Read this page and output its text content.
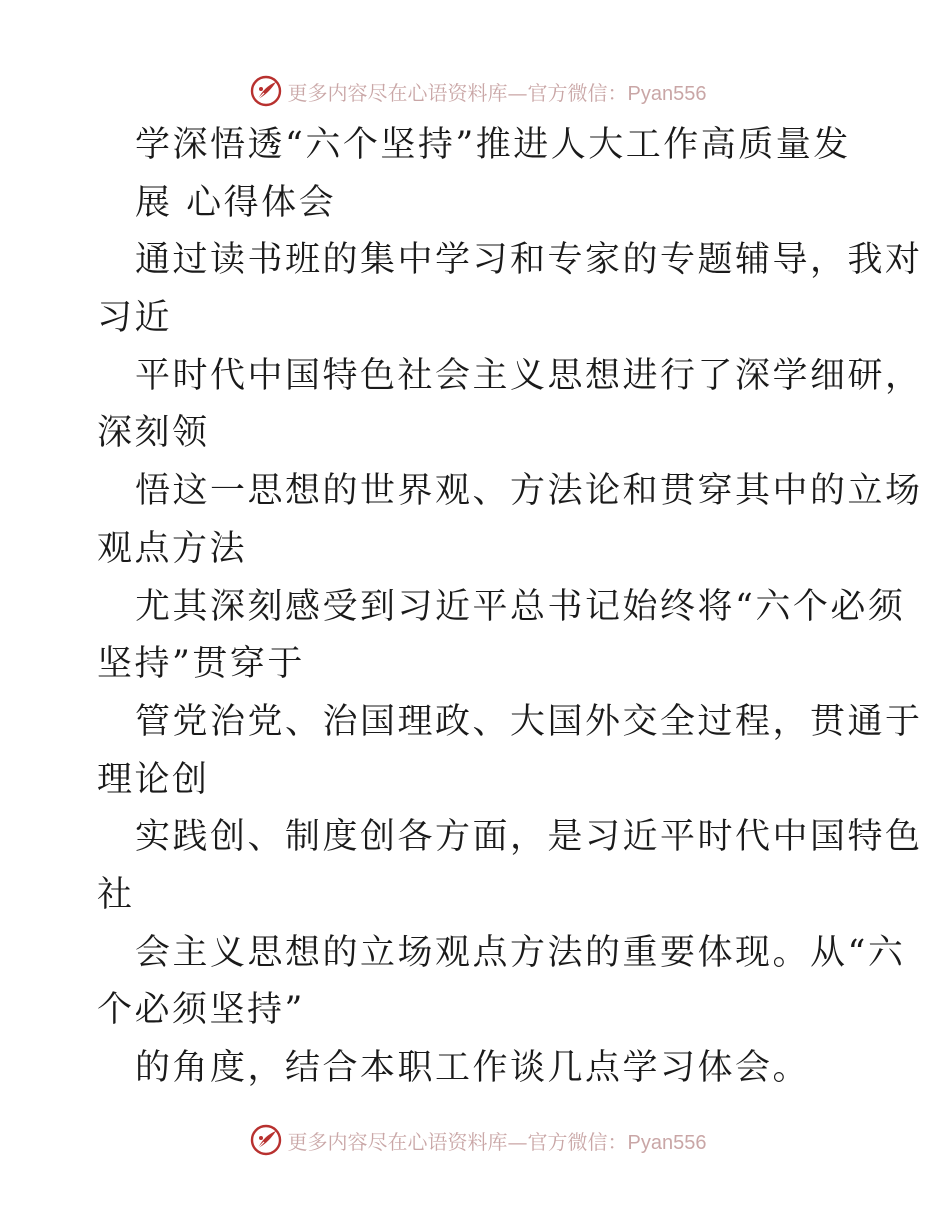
更多内容尽在心语资料库—官方微信：Pyan556
学深悟透“六个坚持”推进人大工作高质量发
展 心得体会
通过读书班的集中学习和专家的专题辅导，我对
习近
平时代中国特色社会主义思想进行了深学细研，
深刻领
悟这一思想的世界观、方法论和贯穿其中的立场
观点方法
尤其深刻感受到习近平总书记始终将“六个必须
坚持”贯穿于
管党治党、治国理政、大国外交全过程，贯通于
理论创
实践创、制度创各方面，是习近平时代中国特色
社
会主义思想的立场观点方法的重要体现。从“六
个必须坚持”
的角度，结合本职工作谈几点学习体会。
更多内容尽在心语资料库—官方微信：Pyan556
